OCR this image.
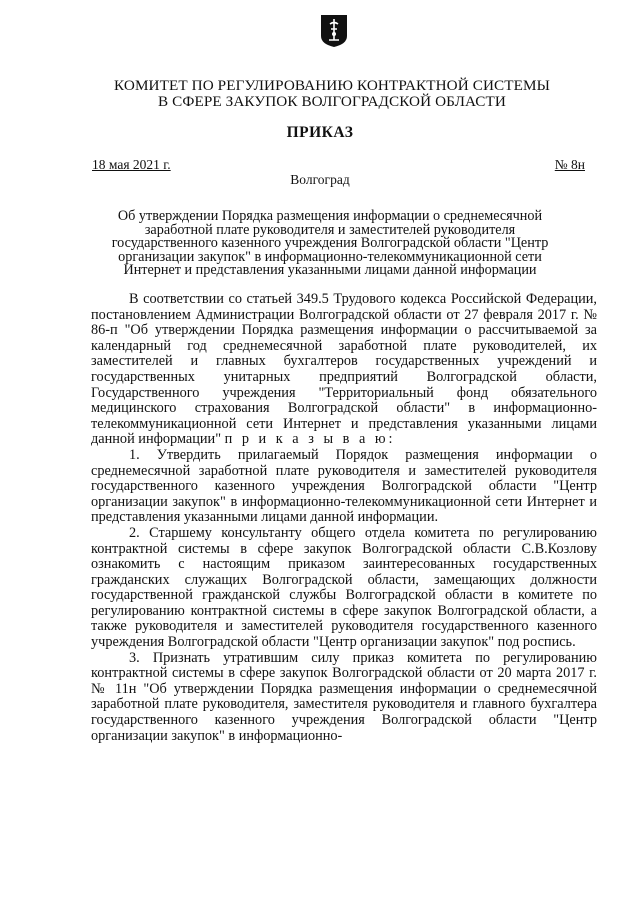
КОМИТЕТ ПО РЕГУЛИРОВАНИЮ КОНТРАКТНОЙ СИСТЕМЫ
В СФЕРЕ ЗАКУПОК ВОЛГОГРАДСКОЙ ОБЛАСТИ
ПРИКАЗ
18 мая 2021 г.	№ 8н
Волгоград
Об утверждении Порядка размещения информации о среднемесячной заработной плате руководителя и заместителей руководителя государственного казенного учреждения Волгоградской области "Центр организации закупок" в информационно-телекоммуникационной сети Интернет и представления указанными лицами данной информации

В соответствии со статьей 349.5 Трудового кодекса Российской Федерации, постановлением Администрации Волгоградской области от 27 февраля 2017 г. № 86-п "Об утверждении Порядка размещения информации о рассчитываемой за календарный год среднемесячной заработной плате руководителей, их заместителей и главных бухгалтеров государственных учреждений и государственных унитарных предприятий Волгоградской области, Государственного учреждения "Территориальный фонд обязательного медицинского страхования Волгоградской области" в информационно-телекоммуникационной сети Интернет и представления указанными лицами данной информации" п р и к а з ы в а ю:

1. Утвердить прилагаемый Порядок размещения информации о среднемесячной заработной плате руководителя и заместителей руководителя государственного казенного учреждения Волгоградской области "Центр организации закупок" в информационно-телекоммуникационной сети Интернет и представления указанными лицами данной информации.

2. Старшему консультанту общего отдела комитета по регулированию контрактной системы в сфере закупок Волгоградской области С.В.Козлову ознакомить с настоящим приказом заинтересованных государственных гражданских служащих Волгоградской области, замещающих должности государственной гражданской службы Волгоградской области в комитете по регулированию контрактной системы в сфере закупок Волгоградской области, а также руководителя и заместителей руководителя государственного казенного учреждения Волгоградской области "Центр организации закупок" под роспись.

3. Признать утратившим силу приказ комитета по регулированию контрактной системы в сфере закупок Волгоградской области от 20 марта 2017 г. № 11н "Об утверждении Порядка размещения информации о среднемесячной заработной плате руководителя, заместителя руководителя и главного бухгалтера государственного казенного учреждения Волгоградской области "Центр организации закупок" в информационно-
